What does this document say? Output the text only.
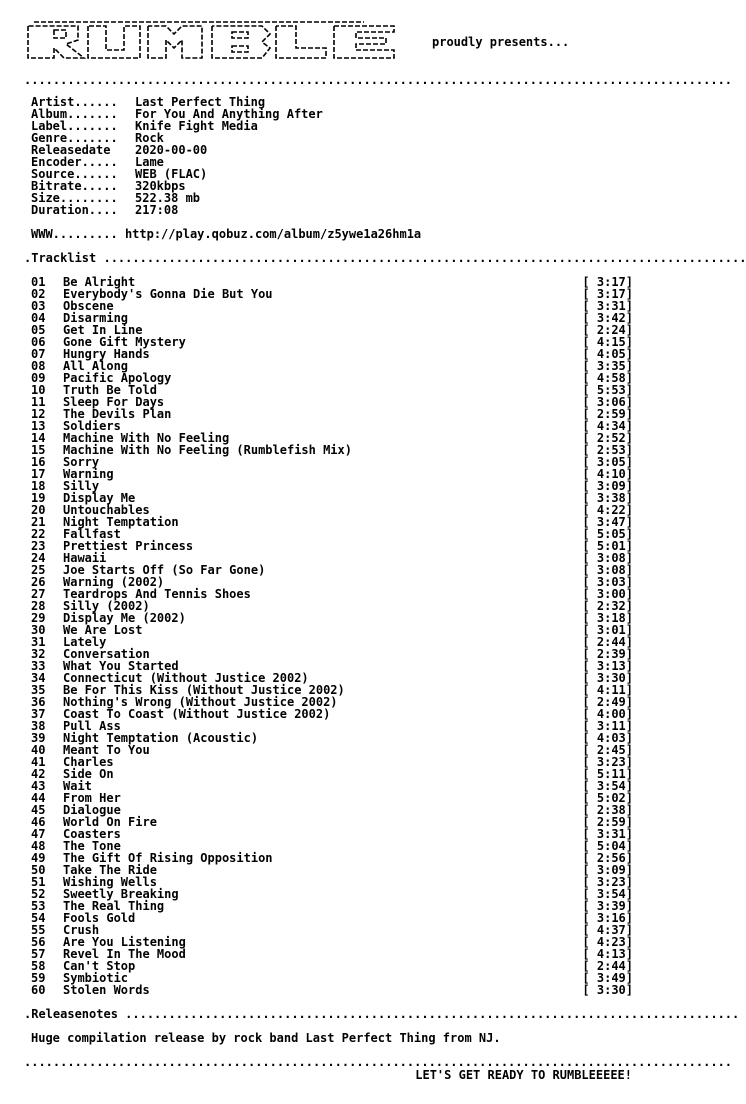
proudly presents...
..................................................................................................
Artist...... Last Perfect Thing
Album....... For You And Anything After
Label....... Knife Fight Media
Genre....... Rock
Releasedate 2020-00-00
Encoder..... Lame
Source...... WEB (FLAC)
Bitrate..... 320kbps
Size........ 522.38 mb
Duration.... 217:08
WWW......... http://play.qobuz.com/album/z5ywe1a26hm1a
.Tracklist .........................................................................................
01 Be Alright	[ 3:17]
02 Everybody's Gonna Die But You	[ 3:17]
03 Obscene	[ 3:31]
04 Disarming	[ 3:42]
05 Get In Line	[ 2:24]
06 Gone Gift Mystery	[ 4:15]
07 Hungry Hands	[ 4:05]
08 All Along	[ 3:35]
09 Pacific Apology	[ 4:58]
10 Truth Be Told	[ 5:53]
11 Sleep For Days	[ 3:06]
12 The Devils Plan	[ 2:59]
13 Soldiers	[ 4:34]
14 Machine With No Feeling	[ 2:52]
15 Machine With No Feeling (Rumblefish Mix)	[ 2:53]
16 Sorry	[ 3:05]
17 Warning	[ 4:10]
18 Silly	[ 3:09]
19 Display Me	[ 3:38]
20 Untouchables	[ 4:22]
21 Night Temptation	[ 3:47]
22 Fallfast	[ 5:05]
23 Prettiest Princess	[ 5:01]
24 Hawaii	[ 3:08]
25 Joe Starts Off (So Far Gone)	[ 3:08]
26 Warning (2002)	[ 3:03]
27 Teardrops And Tennis Shoes	[ 3:00]
28 Silly (2002)	[ 2:32]
29 Display Me (2002)	[ 3:18]
30 We Are Lost	[ 3:01]
31 Lately	[ 2:44]
32 Conversation	[ 2:39]
33 What You Started	[ 3:13]
34 Connecticut (Without Justice 2002)	[ 3:30]
35 Be For This Kiss (Without Justice 2002)	[ 4:11]
36 Nothing's Wrong (Without Justice 2002)	[ 2:49]
37 Coast To Coast (Without Justice 2002)	[ 4:00]
38 Pull Ass	[ 3:11]
39 Night Temptation (Acoustic)	[ 4:03]
40 Meant To You	[ 2:45]
41 Charles	[ 3:23]
42 Side On	[ 5:11]
43 Wait	[ 3:54]
44 From Her	[ 5:02]
45 Dialogue	[ 2:38]
46 World On Fire	[ 2:59]
47 Coasters	[ 3:31]
48 The Tone	[ 5:04]
49 The Gift Of Rising Opposition	[ 2:56]
50 Take The Ride	[ 3:09]
51 Wishing Wells	[ 3:23]
52 Sweetly Breaking	[ 3:54]
53 The Real Thing	[ 3:39]
54 Fools Gold	[ 3:16]
55 Crush	[ 4:37]
56 Are You Listening	[ 4:23]
57 Revel In The Mood	[ 4:13]
58 Can't Stop	[ 2:44]
59 Symbiotic	[ 3:49]
60 Stolen Words	[ 3:30]
.Releasenotes .....................................................................................
Huge compilation release by rock band Last Perfect Thing from NJ.
..................................................................................................
LET'S GET READY TO RUMBLEEEEE!
